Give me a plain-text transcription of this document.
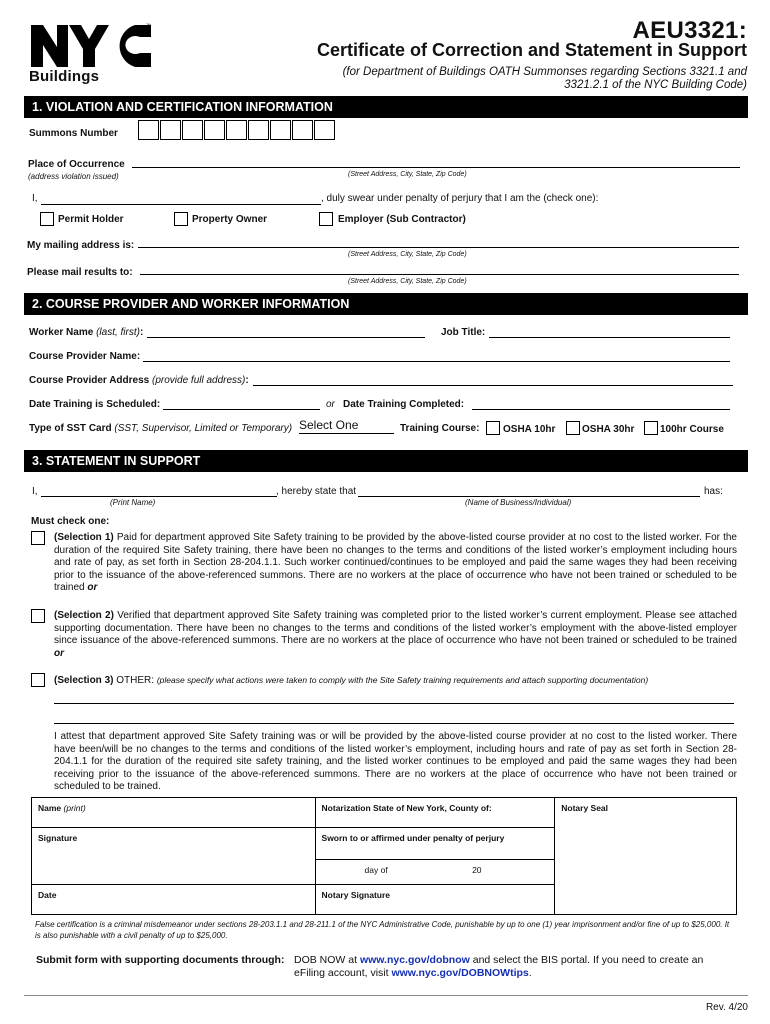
™
Buildings
AEU3321:
Certificate of Correction and Statement in Support
(for Department of Buildings OATH Summonses regarding Sections 3321.1 and 3321.2.1 of the NYC Building Code)
1. VIOLATION AND CERTIFICATION INFORMATION
Summons Number
Place of Occurrence
(address violation issued)	(Street Address, City, State, Zip Code)
I,	, duly swear under penalty of perjury that I am the (check one):
Permit Holder	Property Owner	Employer (Sub Contractor)
My mailing address is:
(Street Address, City, State, Zip Code)
Please mail results to:
(Street Address, City, State, Zip Code)
2. COURSE PROVIDER AND WORKER INFORMATION
Worker Name (last, first):	Job Title:
Course Provider Name:
Course Provider Address (provide full address):
Date Training is Scheduled:	or Date Training Completed:
Type of SST Card (SST, Supervisor, Limited or Temporary) Select One	Training Course: OSHA 10hr	OSHA 30hr	100hr Course
3. STATEMENT IN SUPPORT
I,	, hereby state that	has:
(Print Name)	(Name of Business/Individual)
Must check one:
(Selection 1) Paid for department approved Site Safety training to be provided by the above-listed course provider at no cost to the listed worker. For the duration of the required Site Safety training, there have been no changes to the terms and conditions of the listed worker’s employment including hours and rate of pay, as set forth in Section 28-204.1.1. Such worker continued/continues to be employed and paid the same wages they had been receiving prior to the issuance of the above-referenced summons. There are no workers at the place of occurrence who have not been trained or scheduled to be trained or
(Selection 2) Verified that department approved Site Safety training was completed prior to the listed worker’s current employment. Please see attached supporting documentation. There have been no changes to the terms and conditions of the listed worker’s employment with the above-listed employer since issuance of the above-referenced summons. There are no workers at the place of occurrence who have not been trained or scheduled to be trained or
(Selection 3) OTHER: (please specify what actions were taken to comply with the Site Safety training requirements and attach supporting documentation)
I attest that department approved Site Safety training was or will be provided by the above-listed course provider at no cost to the listed worker. There have been/will be no changes to the terms and conditions of the listed worker’s employment, including hours and rate of pay as set forth in Section 28-204.1.1 for the duration of the required site safety training, and the listed worker continues to be employed and paid the same wages they had been receiving prior to the issuance of the above-referenced summons. There are no workers at the place of occurrence who have not been trained or scheduled to be trained.
Name (print)	Notarization State of New York, County of:	Notary Seal
Signature	Sworn to or affirmed under penalty of perjury	
	day of 20	
Date	Notary Signature	
False certification is a criminal misdemeanor under sections 28-203.1.1 and 28-211.1 of the NYC Administrative Code, punishable by up to one (1) year imprisonment and/or fine of up to $25,000. It is also punishable with a civil penalty of up to $25,000.
Submit form with supporting documents through: DOB NOW at www.nyc.gov/dobnow and select the BIS portal. If you need to create an eFiling account, visit www.nyc.gov/DOBNOWtips.
Rev. 4/20
